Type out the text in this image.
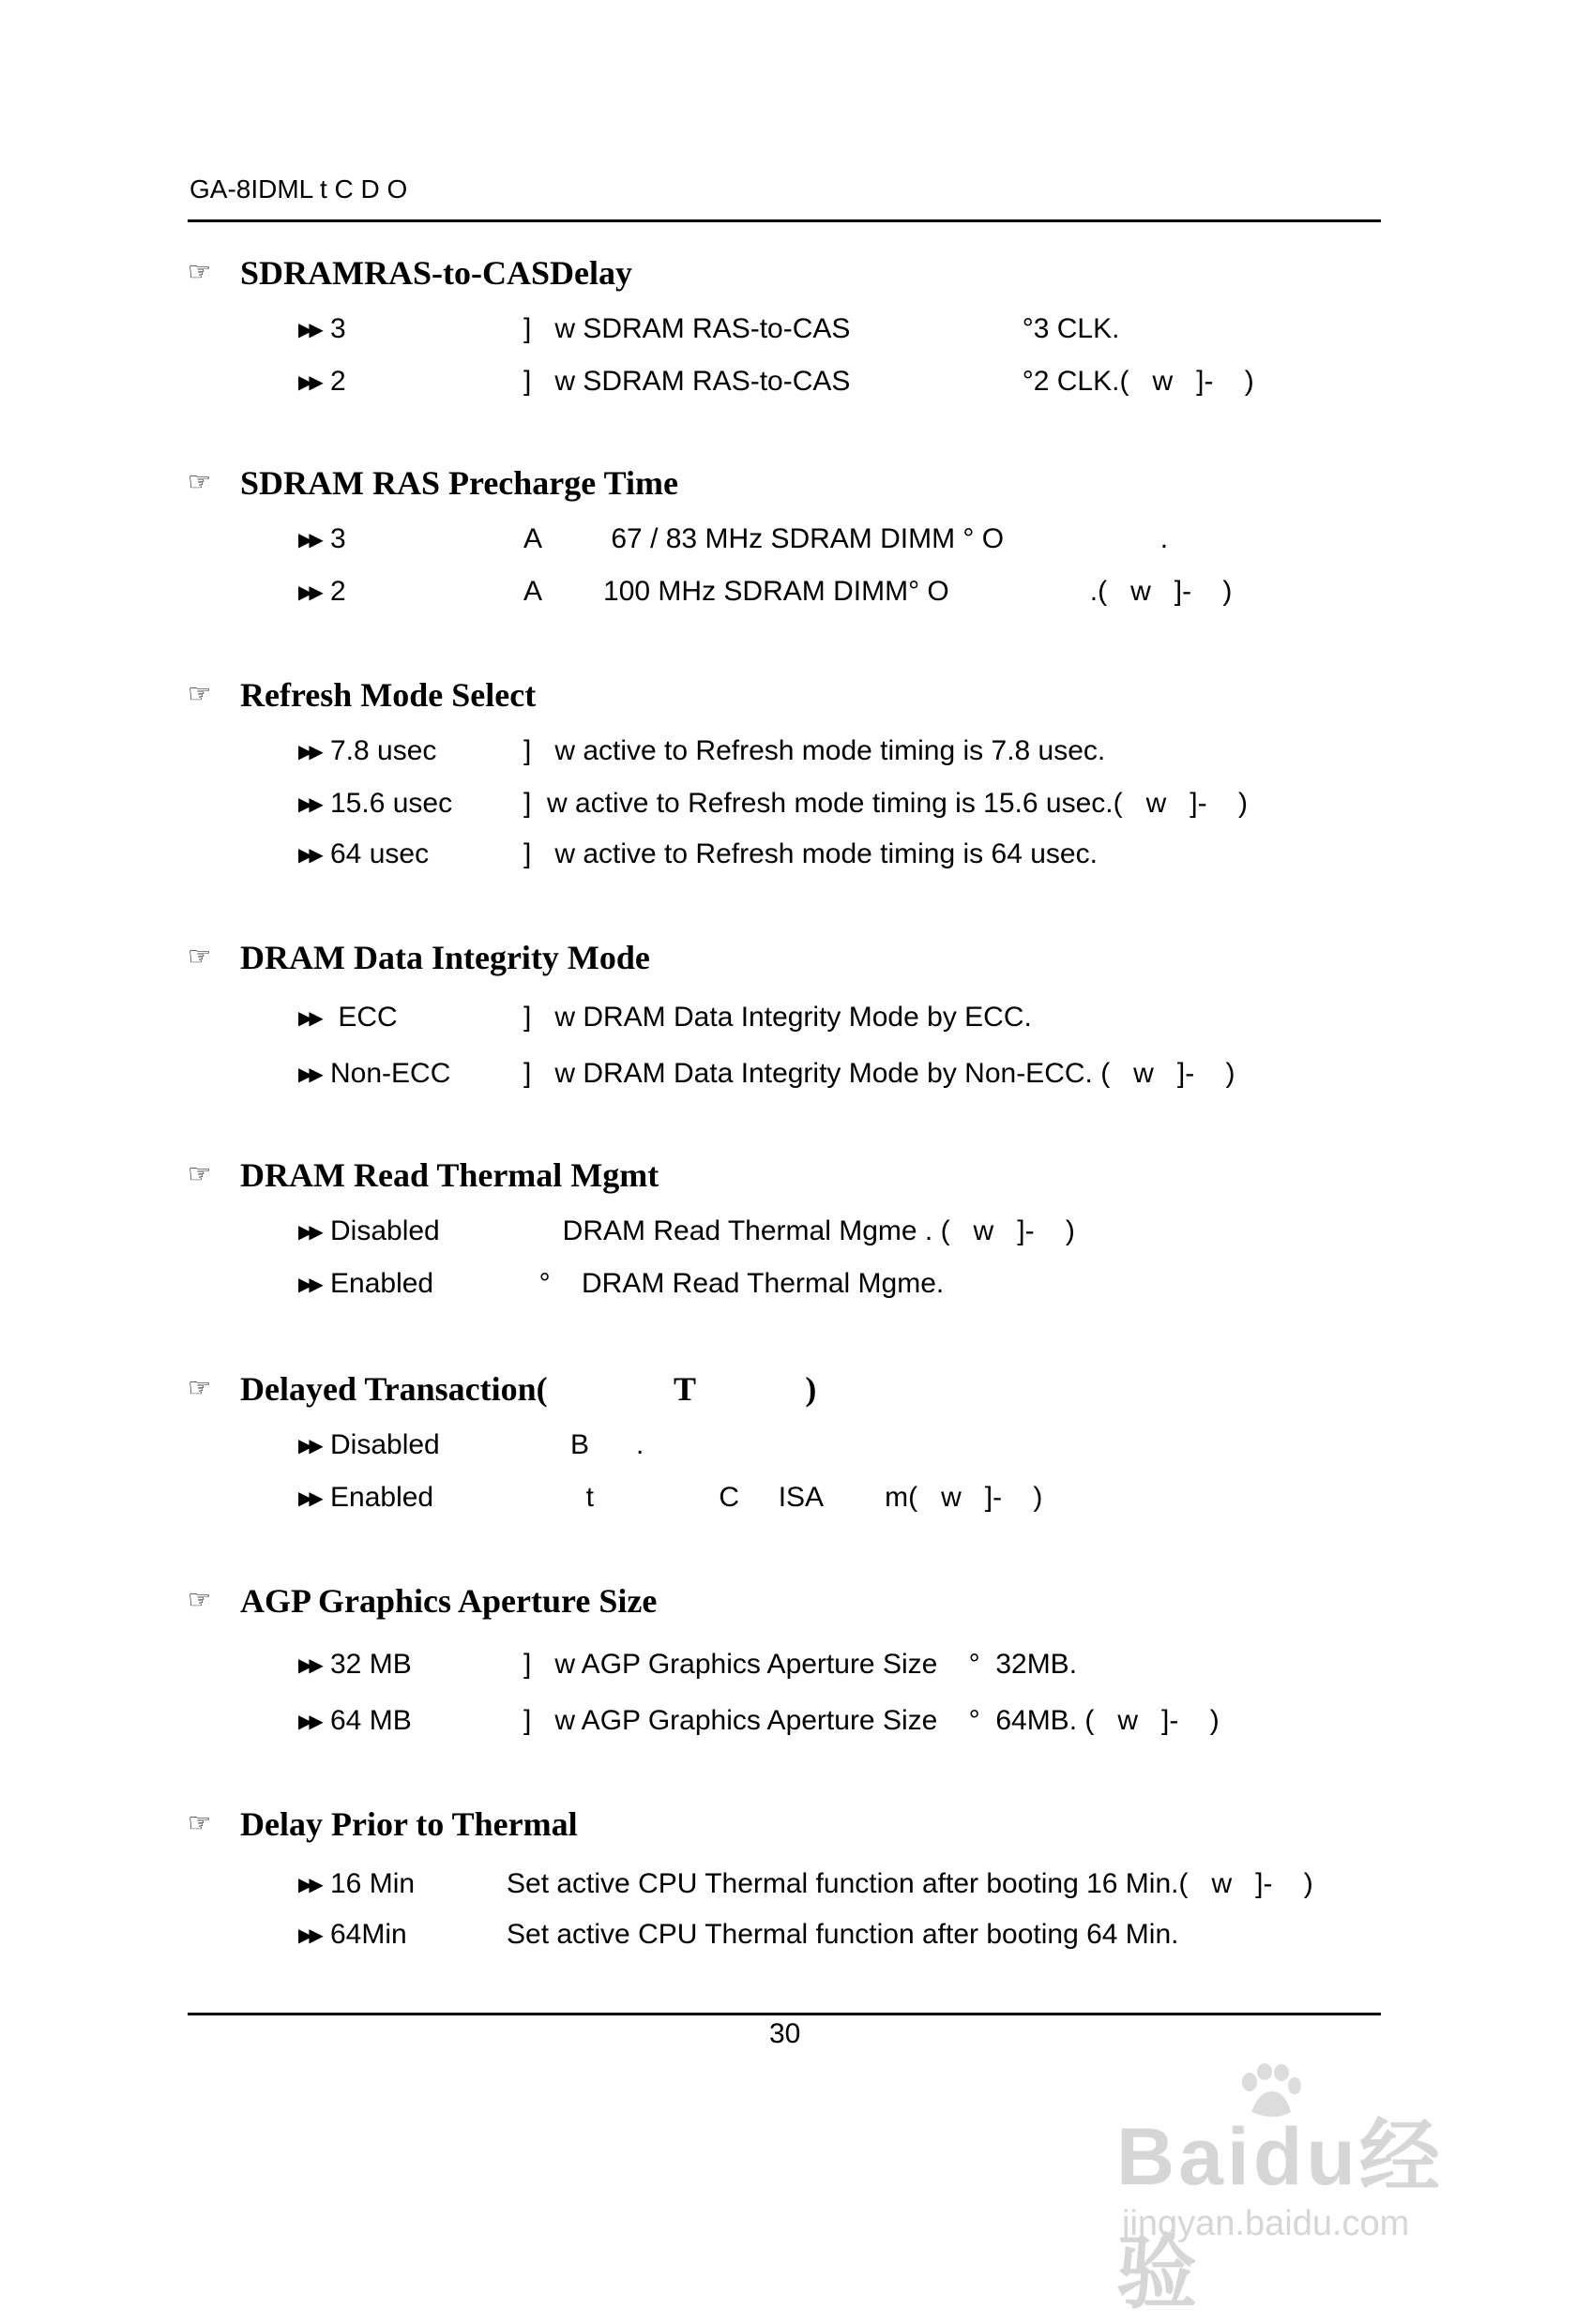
GA-8IDML t C D O
☞ SDRAMRAS-to-CASDelay
▶▶ 3	]   w SDRAM RAS-to-CAS                      °3 CLK.
▶▶ 2	]   w SDRAM RAS-to-CAS                      °2 CLK.(   w   ]-    )
☞ SDRAM RAS Precharge Time
▶▶ 3	A         67 / 83 MHz SDRAM DIMM ° O                    .
▶▶ 2	A        100 MHz SDRAM DIMM° O                  .(   w   ]-    )
☞ Refresh Mode Select
▶▶ 7.8 usec	]   w active to Refresh mode timing is 7.8 usec.
▶▶ 15.6 usec	]  w active to Refresh mode timing is 15.6 usec.(   w   ]-    )
▶▶ 64 usec	]   w active to Refresh mode timing is 64 usec.
☞ DRAM Data Integrity Mode
▶▶ ECC	]   w DRAM Data Integrity Mode by ECC.
▶▶ Non-ECC	]   w DRAM Data Integrity Mode by Non-ECC. (   w   ]-    )
☞ DRAM Read Thermal Mgmt
▶▶ Disabled	DRAM Read Thermal Mgme . (   w   ]-    )
▶▶ Enabled	°    DRAM Read Thermal Mgme.
☞ Delayed Transaction(               T             )
▶▶ Disabled	B      .
▶▶ Enabled	t                C     ISA        m(   w   ]-    )
☞ AGP Graphics Aperture Size
▶▶ 32 MB	]   w AGP Graphics Aperture Size    °  32MB.
▶▶ 64 MB	]   w AGP Graphics Aperture Size    °  64MB. (   w   ]-    )
☞ Delay Prior to Thermal
▶▶ 16 Min	Set active CPU Thermal function after booting 16 Min.(   w   ]-    )
▶▶ 64Min	Set active CPU Thermal function after booting 64 Min.
30
Baidu经验
jingyan.baidu.com
